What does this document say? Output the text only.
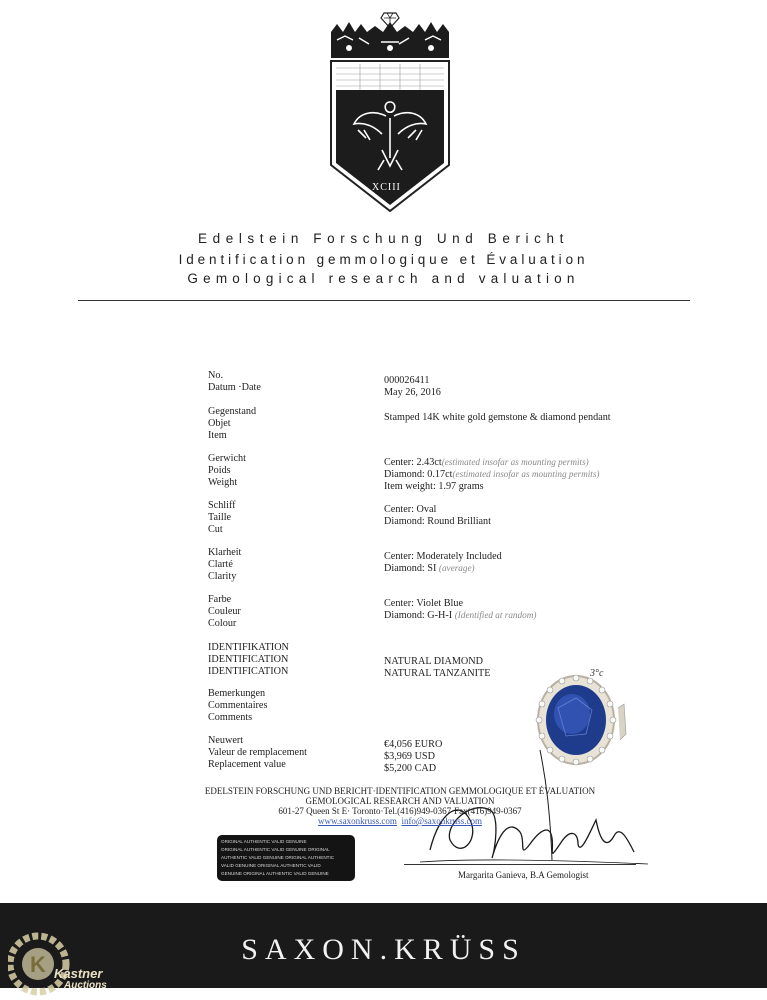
XCIII
Edelstein Forschung Und Bericht
Identification gemmologique et Évaluation
Gemological research and valuation
No.
Datum ·Date
000026411
May 26, 2016
Gegenstand
Objet
Item
Stamped 14K white gold gemstone & diamond pendant
Gerwicht
Poids
Weight
Center: 2.43ct(estimated insofar as mounting permits)
Diamond: 0.17ct(estimated insofar as mounting permits)
Item weight: 1.97 grams
Schliff
Taille
Cut
Center: Oval
Diamond: Round Brilliant
Klarheit
Clarté
Clarity
Center: Moderately Included
Diamond: SI (average)
Farbe
Couleur
Colour
Center: Violet Blue
Diamond: G-H-I (Identified at random)
IDENTIFIKATION
IDENTIFICATION
IDENTIFICATION
NATURAL DIAMOND
NATURAL TANZANITE
Bemerkungen
Commentaires
Comments
Neuwert
Valeur de remplacement
Replacement value
€4,056 EURO
$3,969 USD
$5,200 CAD
3°c
EDELSTEIN FORSCHUNG UND BERICHT·IDENTIFICATION GEMMOLOGIQUE ET ÉVALUATION
GEMOLOGICAL RESEARCH AND VALUATION
601-27 Queen St E· Toronto·Tel.(416)949-0367·Fax(416)949-0367
www.saxonkruss.com info@saxonkruss.com
ORIGINAL AUTHENTIC VALID GENUINE
ORIGINAL AUTHENTIC VALID GENUINE ORIGINAL
AUTHENTIC VALID GENUINE ORIGINAL AUTHENTIC
VALID GENUINE ORIGINAL AUTHENTIC VALID
GENUINE ORIGINAL AUTHENTIC VALID GENUINE	Margarita Ganieva, B.A Gemologist
SAXON.KRÜSS
K Kastner
Auctions
